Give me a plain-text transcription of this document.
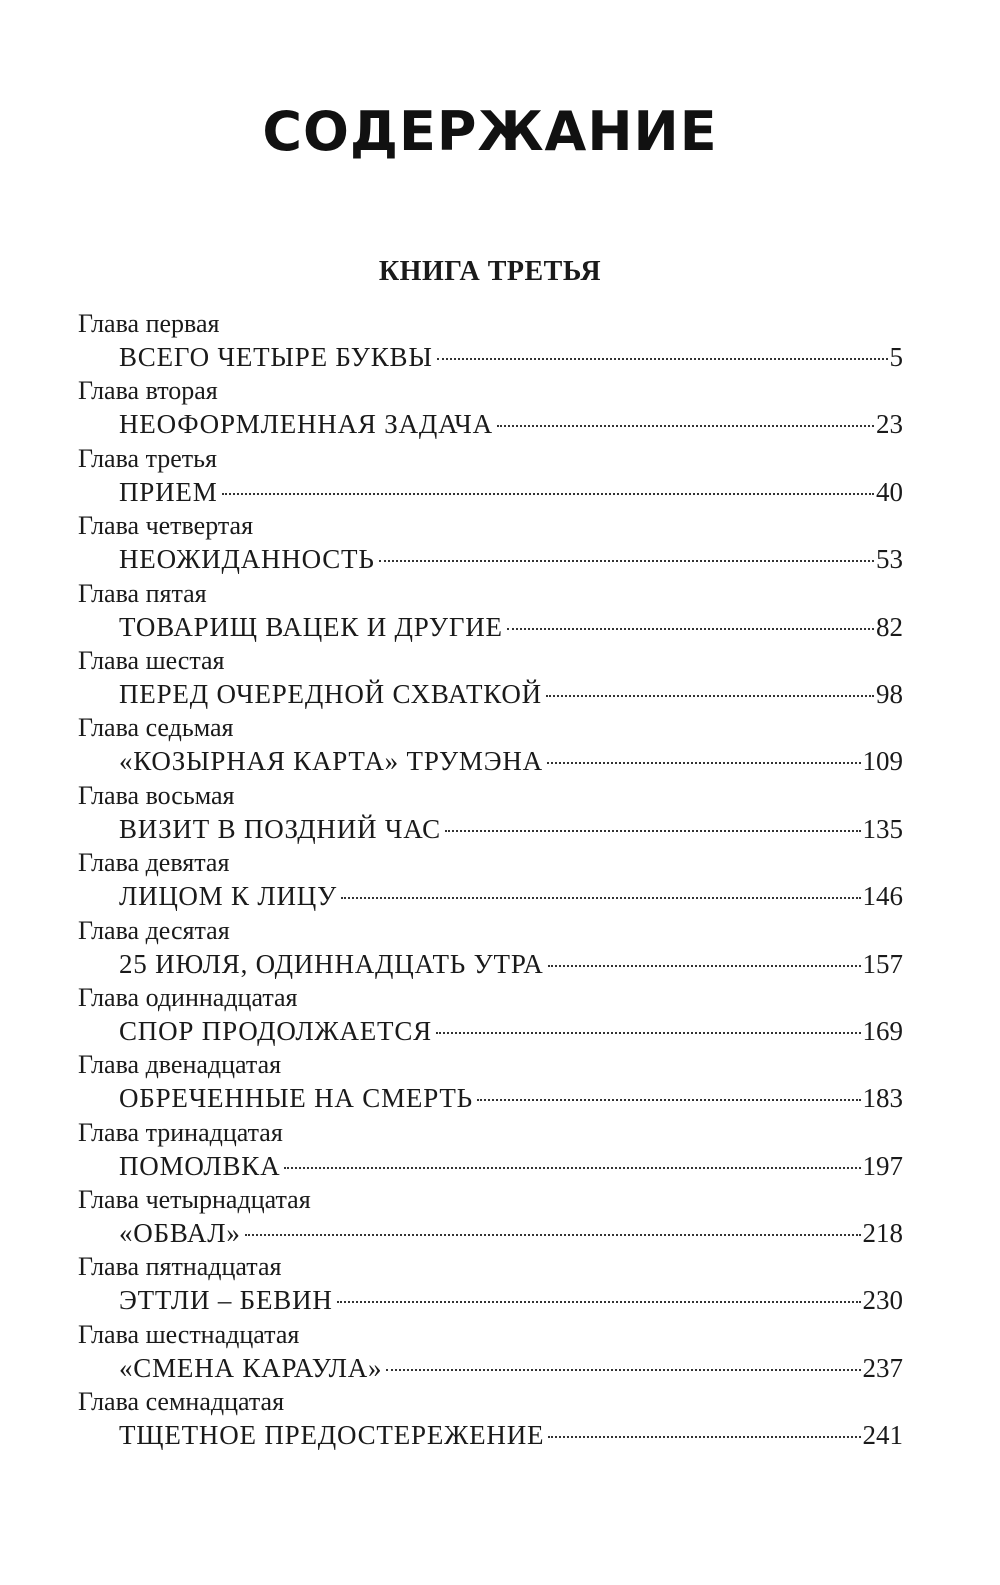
СОДЕРЖАНИЕ
КНИГА ТРЕТЬЯ
Глава первая
ВСЕГО ЧЕТЫРЕ БУКВЫ	5
Глава вторая
НЕОФОРМЛЕННАЯ ЗАДАЧА	23
Глава третья
ПРИЕМ	40
Глава четвертая
НЕОЖИДАННОСТЬ	53
Глава пятая
ТОВАРИЩ ВАЦЕК И ДРУГИЕ	82
Глава шестая
ПЕРЕД ОЧЕРЕДНОЙ СХВАТКОЙ	98
Глава седьмая
«КОЗЫРНАЯ КАРТА» ТРУМЭНА	109
Глава восьмая
ВИЗИТ В ПОЗДНИЙ ЧАС	135
Глава девятая
ЛИЦОМ К ЛИЦУ	146
Глава десятая
25 ИЮЛЯ, ОДИННАДЦАТЬ УТРА	157
Глава одиннадцатая
СПОР ПРОДОЛЖАЕТСЯ	169
Глава двенадцатая
ОБРЕЧЕННЫЕ НА СМЕРТЬ	183
Глава тринадцатая
ПОМОЛВКА	197
Глава четырнадцатая
«ОБВАЛ»	218
Глава пятнадцатая
ЭТТЛИ – БЕВИН	230
Глава шестнадцатая
«СМЕНА КАРАУЛА»	237
Глава семнадцатая
ТЩЕТНОЕ ПРЕДОСТЕРЕЖЕНИЕ	241
